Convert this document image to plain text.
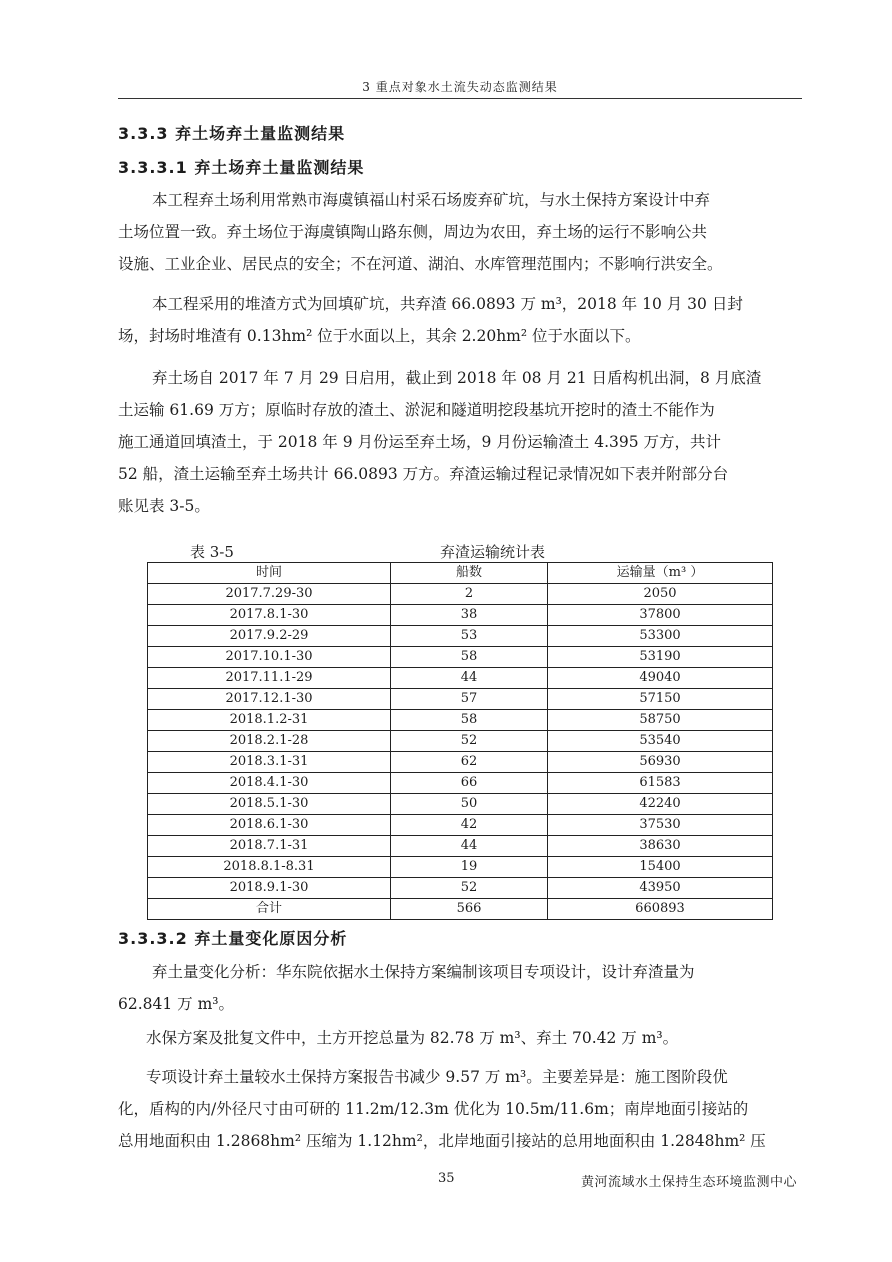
3 重点对象水土流失动态监测结果
3.3.3 弃土场弃土量监测结果
3.3.3.1 弃土场弃土量监测结果
本工程弃土场利用常熟市海虞镇福山村采石场废弃矿坑，与水土保持方案设计中弃
土场位置一致。弃土场位于海虞镇陶山路东侧，周边为农田，弃土场的运行不影响公共
设施、工业企业、居民点的安全；不在河道、湖泊、水库管理范围内；不影响行洪安全。
本工程采用的堆渣方式为回填矿坑，共弃渣 66.0893 万 m³，2018 年 10 月 30 日封
场，封场时堆渣有 0.13hm² 位于水面以上，其余 2.20hm² 位于水面以下。
弃土场自 2017 年 7 月 29 日启用，截止到 2018 年 08 月 21 日盾构机出洞，8 月底渣
土运输 61.69 万方；原临时存放的渣土、淤泥和隧道明挖段基坑开挖时的渣土不能作为
施工通道回填渣土，于 2018 年 9 月份运至弃土场，9 月份运输渣土 4.395 万方，共计
52 船，渣土运输至弃土场共计 66.0893 万方。弃渣运输过程记录情况如下表并附部分台
账见表 3-5。
表 3-5	弃渣运输统计表
时间	船数	运输量（m³ ）
2017.7.29-30	2	2050
2017.8.1-30	38	37800
2017.9.2-29	53	53300
2017.10.1-30	58	53190
2017.11.1-29	44	49040
2017.12.1-30	57	57150
2018.1.2-31	58	58750
2018.2.1-28	52	53540
2018.3.1-31	62	56930
2018.4.1-30	66	61583
2018.5.1-30	50	42240
2018.6.1-30	42	37530
2018.7.1-31	44	38630
2018.8.1-8.31	19	15400
2018.9.1-30	52	43950
合计	566	660893
3.3.3.2 弃土量变化原因分析
弃土量变化分析：华东院依据水土保持方案编制该项目专项设计，设计弃渣量为
62.841 万 m³。
水保方案及批复文件中，土方开挖总量为 82.78 万 m³、弃土 70.42 万 m³。
专项设计弃土量较水土保持方案报告书减少 9.57 万 m³。主要差异是：施工图阶段优
化，盾构的内/外径尺寸由可研的 11.2m/12.3m 优化为 10.5m/11.6m；南岸地面引接站的
总用地面积由 1.2868hm² 压缩为 1.12hm²，北岸地面引接站的总用地面积由 1.2848hm² 压
35	黄河流域水土保持生态环境监测中心
